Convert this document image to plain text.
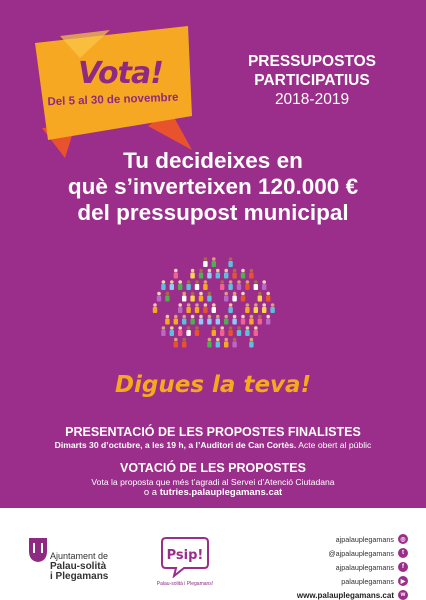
Vota!
Del 5 al 30 de novembre
PRESSUPOSTOS
PARTICIPATIUS
2018-2019
Tu decideixes en
què s’inverteixen 120.000 €
del pressupost municipal
Digues la teva!
PRESENTACIÓ DE LES PROPOSTES FINALISTES
Dimarts 30 d’octubre, a les 19 h, a l’Auditori de Can Cortès. Acte obert al públic
VOTACIÓ DE LES PROPOSTES
Vota la proposta que més t’agradi al Servei d’Atenció Ciutadana
o a tutries.palauplegamans.cat
Ajuntament de
Palau-solità
i Plegamans
Psip!
Palau-solità i Plegamans!
ajpalauplegamans	◎
@ajpalauplegamans	t
ajpalauplegamans	f
palauplegamans	▶
www.palauplegamans.cat	w
